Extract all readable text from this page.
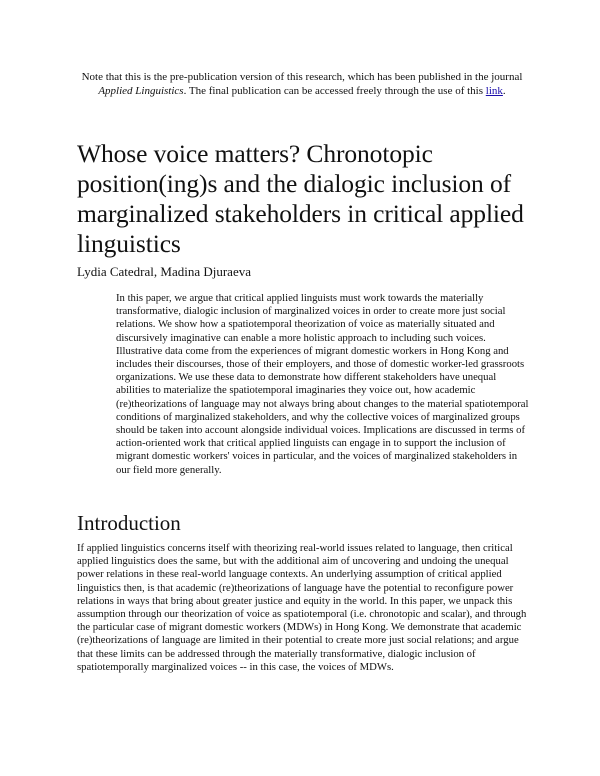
Note that this is the pre-publication version of this research, which has been published in the journal Applied Linguistics. The final publication can be accessed freely through the use of this link.

Whose voice matters? Chronotopic position(ing)s and the dialogic inclusion of marginalized stakeholders in critical applied linguistics
Lydia Catedral, Madina Djuraeva

In this paper, we argue that critical applied linguists must work towards the materially transformative, dialogic inclusion of marginalized voices in order to create more just social relations. We show how a spatiotemporal theorization of voice as materially situated and discursively imaginative can enable a more holistic approach to including such voices. Illustrative data come from the experiences of migrant domestic workers in Hong Kong and includes their discourses, those of their employers, and those of domestic worker-led grassroots organizations. We use these data to demonstrate how different stakeholders have unequal abilities to materialize the spatiotemporal imaginaries they voice out, how academic (re)theorizations of language may not always bring about changes to the material spatiotemporal conditions of marginalized stakeholders, and why the collective voices of marginalized groups should be taken into account alongside individual voices. Implications are discussed in terms of action-oriented work that critical applied linguists can engage in to support the inclusion of migrant domestic workers' voices in particular, and the voices of marginalized stakeholders in our field more generally.

Introduction

If applied linguistics concerns itself with theorizing real-world issues related to language, then critical applied linguistics does the same, but with the additional aim of uncovering and undoing the unequal power relations in these real-world language contexts. An underlying assumption of critical applied linguistics then, is that academic (re)theorizations of language have the potential to reconfigure power relations in ways that bring about greater justice and equity in the world. In this paper, we unpack this assumption through our theorization of voice as spatiotemporal (i.e. chronotopic and scalar), and through the particular case of migrant domestic workers (MDWs) in Hong Kong. We demonstrate that academic (re)theorizations of language are limited in their potential to create more just social relations; and argue that these limits can be addressed through the materially transformative, dialogic inclusion of spatiotemporally marginalized voices -- in this case, the voices of MDWs.
